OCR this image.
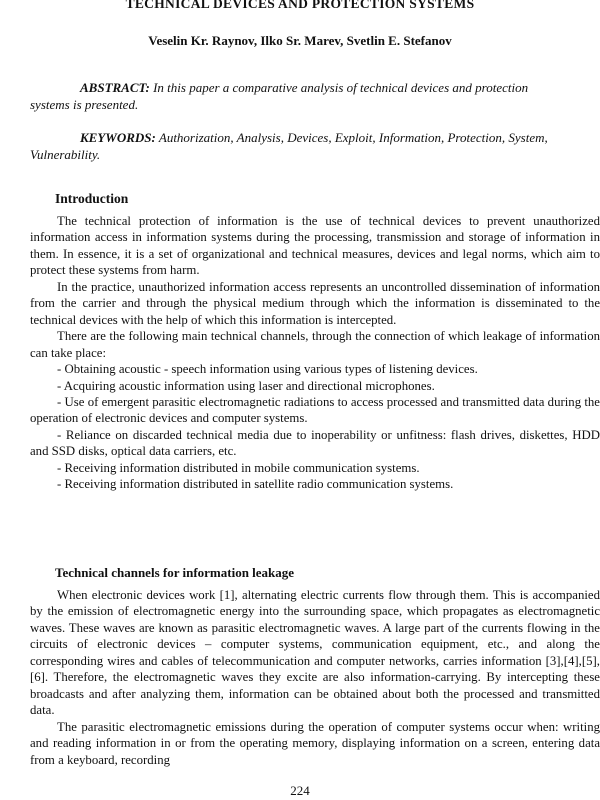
TECHNICAL DEVICES AND PROTECTION SYSTEMS
Veselin Kr. Raynov, Ilko Sr. Marev, Svetlin E. Stefanov
ABSTRACT: In this paper a comparative analysis of technical devices and protection systems is presented.
KEYWORDS: Authorization, Analysis, Devices, Exploit, Information, Protection, System, Vulnerability.
Introduction

The technical protection of information is the use of technical devices to prevent unauthorized information access in information systems during the processing, transmission and storage of information in them. In essence, it is a set of organizational and technical measures, devices and legal norms, which aim to protect these systems from harm.

In the practice, unauthorized information access represents an uncontrolled dissemination of information from the carrier and through the physical medium through which the information is disseminated to the technical devices with the help of which this information is intercepted.

There are the following main technical channels, through the connection of which leakage of information can take place:

- Obtaining acoustic - speech information using various types of listening devices.

- Acquiring acoustic information using laser and directional microphones.

- Use of emergent parasitic electromagnetic radiations to access processed and transmitted data during the operation of electronic devices and computer systems.

- Reliance on discarded technical media due to inoperability or unfitness: flash drives, diskettes, HDD and SSD disks, optical data carriers, etc.

- Receiving information distributed in mobile communication systems.

- Receiving information distributed in satellite radio communication systems.

Technical channels for information leakage

When electronic devices work [1], alternating electric currents flow through them. This is accompanied by the emission of electromagnetic energy into the surrounding space, which propagates as electromagnetic waves. These waves are known as parasitic electromagnetic waves. A large part of the currents flowing in the circuits of electronic devices – computer systems, communication equipment, etc., and along the corresponding wires and cables of telecommunication and computer networks, carries information [3],[4],[5],[6]. Therefore, the electromagnetic waves they excite are also information-carrying. By intercepting these broadcasts and after analyzing them, information can be obtained about both the processed and transmitted data.

The parasitic electromagnetic emissions during the operation of computer systems occur when: writing and reading information in or from the operating memory, displaying information on a screen, entering data from a keyboard, recording

224
